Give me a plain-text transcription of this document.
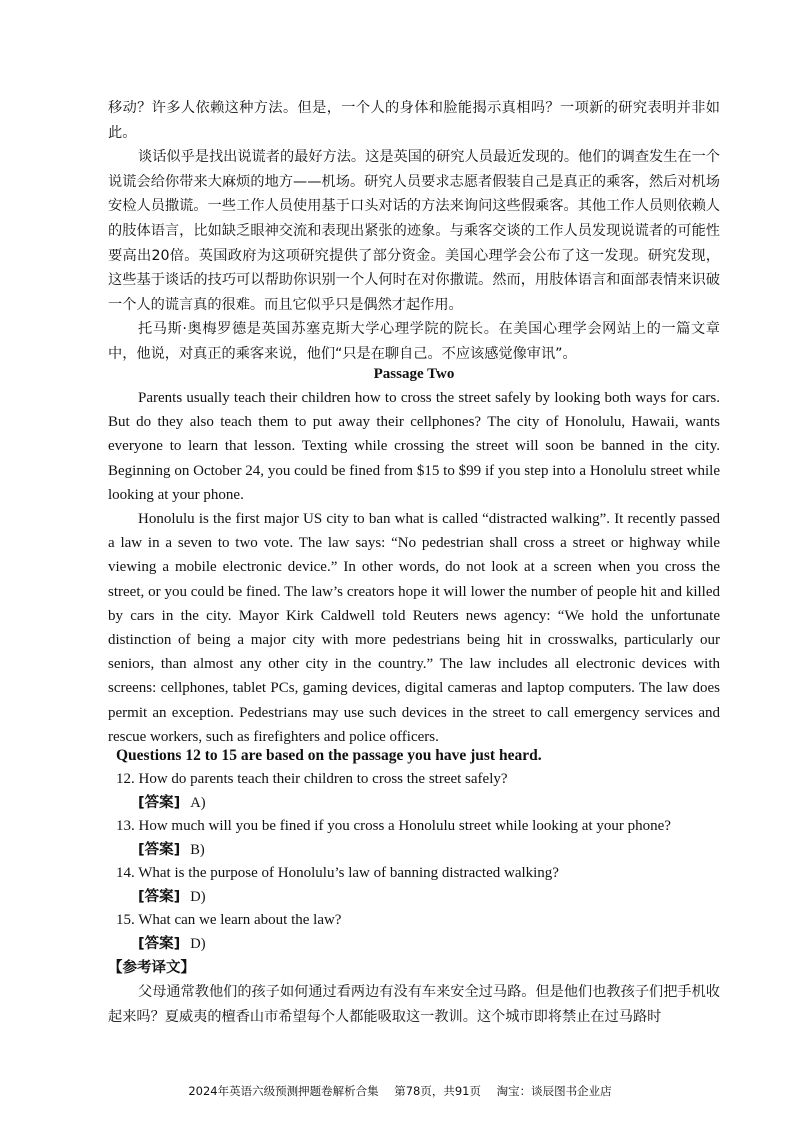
移动？许多人依赖这种方法。但是，一个人的身体和脸能揭示真相吗？一项新的研究表明并非如此。

谈话似乎是找出说谎者的最好方法。这是英国的研究人员最近发现的。他们的调查发生在一个说谎会给你带来大麻烦的地方——机场。研究人员要求志愿者假装自己是真正的乘客，然后对机场安检人员撒谎。一些工作人员使用基于口头对话的方法来询问这些假乘客。其他工作人员则依赖人的肢体语言，比如缺乏眼神交流和表现出紧张的迹象。与乘客交谈的工作人员发现说谎者的可能性要高出20倍。英国政府为这项研究提供了部分资金。美国心理学会公布了这一发现。研究发现，这些基于谈话的技巧可以帮助你识别一个人何时在对你撒谎。然而，用肢体语言和面部表情来识破一个人的谎言真的很难。而且它似乎只是偶然才起作用。

托马斯·奥梅罗德是英国苏塞克斯大学心理学院的院长。在美国心理学会网站上的一篇文章中，他说，对真正的乘客来说，他们“只是在聊自己。不应该感觉像审讯”。

Passage Two

Parents usually teach their children how to cross the street safely by looking both ways for cars. But do they also teach them to put away their cellphones? The city of Honolulu, Hawaii, wants everyone to learn that lesson. Texting while crossing the street will soon be banned in the city. Beginning on October 24, you could be fined from $15 to $99 if you step into a Honolulu street while looking at your phone.

Honolulu is the first major US city to ban what is called “distracted walking”. It recently passed a law in a seven to two vote. The law says: “No pedestrian shall cross a street or highway while viewing a mobile electronic device.” In other words, do not look at a screen when you cross the street, or you could be fined. The law’s creators hope it will lower the number of people hit and killed by cars in the city. Mayor Kirk Caldwell told Reuters news agency: “We hold the unfortunate distinction of being a major city with more pedestrians being hit in crosswalks, particularly our seniors, than almost any other city in the country.” The law includes all electronic devices with screens: cellphones, tablet PCs, gaming devices, digital cameras and laptop computers. The law does permit an exception. Pedestrians may use such devices in the street to call emergency services and rescue workers, such as firefighters and police officers.

Questions 12 to 15 are based on the passage you have just heard.

12. How do parents teach their children to cross the street safely?

[答案] A)

13. How much will you be fined if you cross a Honolulu street while looking at your phone?

[答案] B)

14. What is the purpose of Honolulu’s law of banning distracted walking?

[答案] D)

15. What can we learn about the law?

[答案] D)

【参考译文】

父母通常教他们的孩子如何通过看两边有没有车来安全过马路。但是他们也教孩子们把手机收起来吗？夏威夷的檀香山市希望每个人都能吸取这一教训。这个城市即将禁止在过马路时

2024年英语六级预测押题卷解析合集 第78页，共91页 淘宝：谈辰图书企业店
